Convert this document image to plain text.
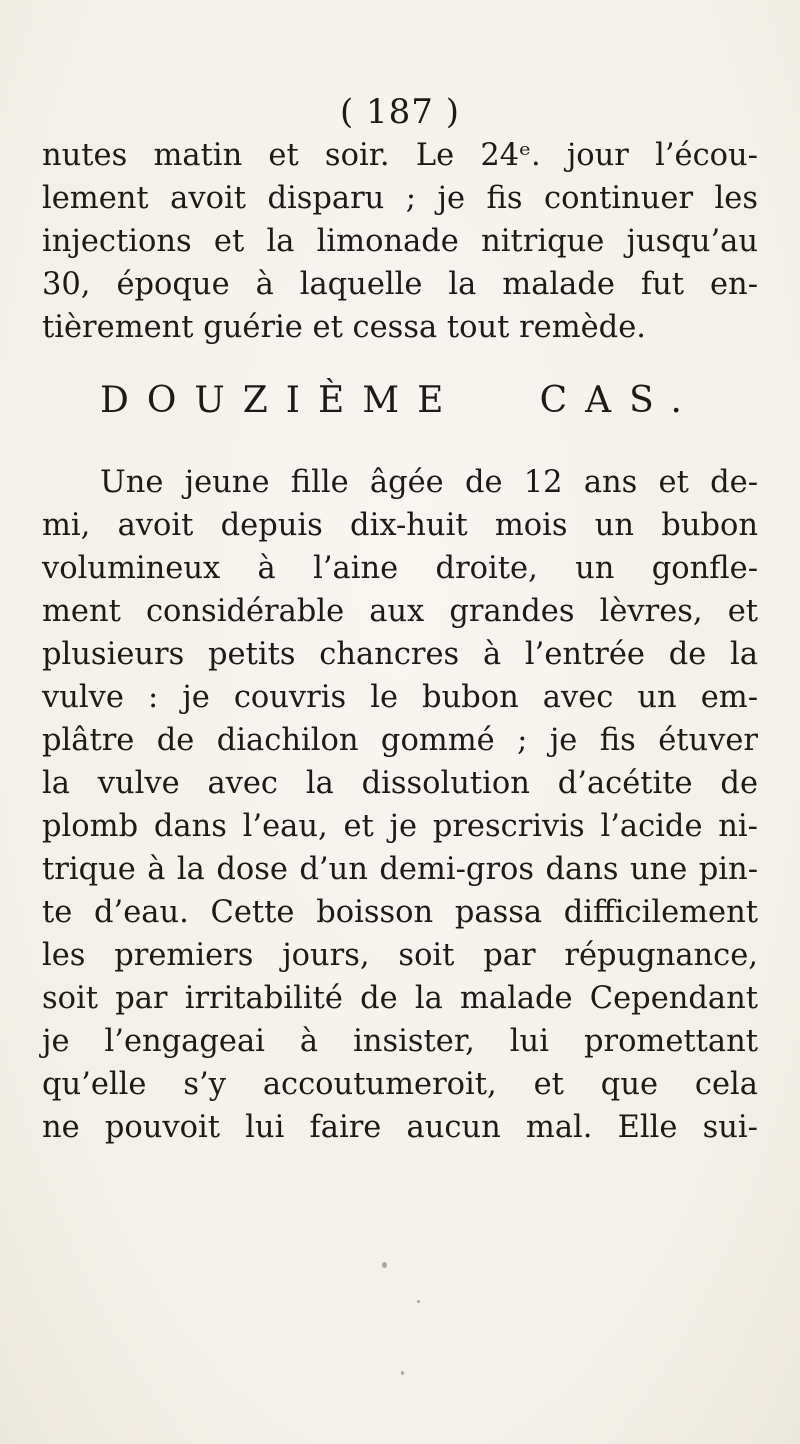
( 187 )
nutes matin et soir. Le 24ᵉ. jour l’écou-
lement avoit disparu ; je fis continuer les
injections et la limonade nitrique jusqu’au
30, époque à laquelle la malade fut en-
tièrement guérie et cessa tout remède.
DOUZIÈME CAS.
Une jeune fille âgée de 12 ans et de-
mi, avoit depuis dix-huit mois un bubon
volumineux à l’aine droite, un gonfle-
ment considérable aux grandes lèvres, et
plusieurs petits chancres à l’entrée de la
vulve : je couvris le bubon avec un em-
plâtre de diachilon gommé ; je fis étuver
la vulve avec la dissolution d’acétite de
plomb dans l’eau, et je prescrivis l’acide ni-
trique à la dose d’un demi-gros dans une pin-
te d’eau. Cette boisson passa difficilement
les premiers jours, soit par répugnance,
soit par irritabilité de la malade Cependant
je l’engageai à insister, lui promettant
qu’elle s’y accoutumeroit, et que cela
ne pouvoit lui faire aucun mal. Elle sui-
